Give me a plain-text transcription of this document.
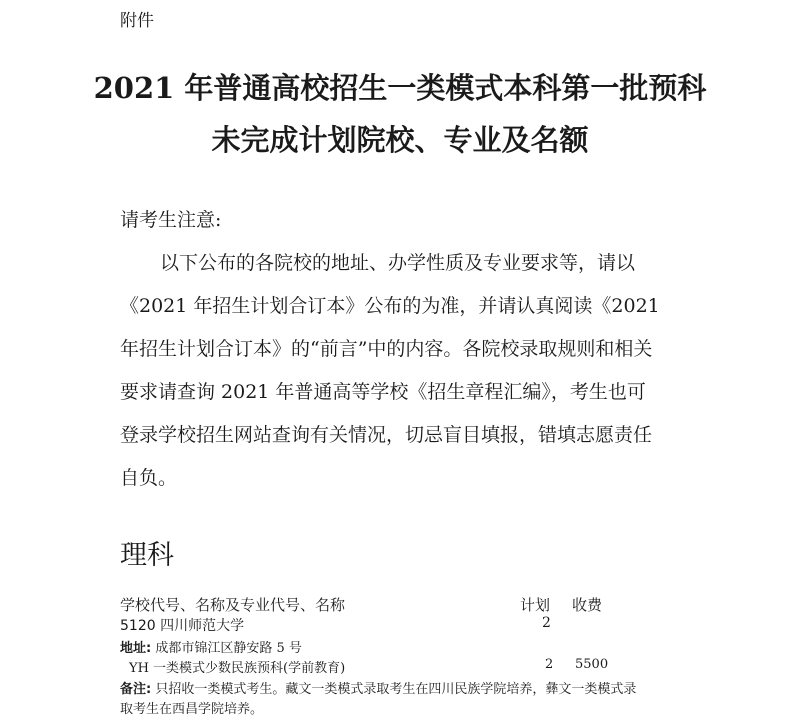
附件
2021 年普通高校招生一类模式本科第一批预科
未完成计划院校、专业及名额
请考生注意:
以下公布的各院校的地址、办学性质及专业要求等，请以
《2021 年招生计划合订本》公布的为准，并请认真阅读《2021
年招生计划合订本》的“前言”中的内容。各院校录取规则和相关
要求请查询 2021 年普通高等学校《招生章程汇编》，考生也可
登录学校招生网站查询有关情况，切忌盲目填报，错填志愿责任
自负。
理科
学校代号、名称及专业代号、名称	计划 收费
5120 四川师范大学	2
地址: 成都市锦江区静安路 5 号
YH 一类模式少数民族预科(学前教育)	2 5500
备注: 只招收一类模式考生。藏文一类模式录取考生在四川民族学院培养，彝文一类模式录
取考生在西昌学院培养。
